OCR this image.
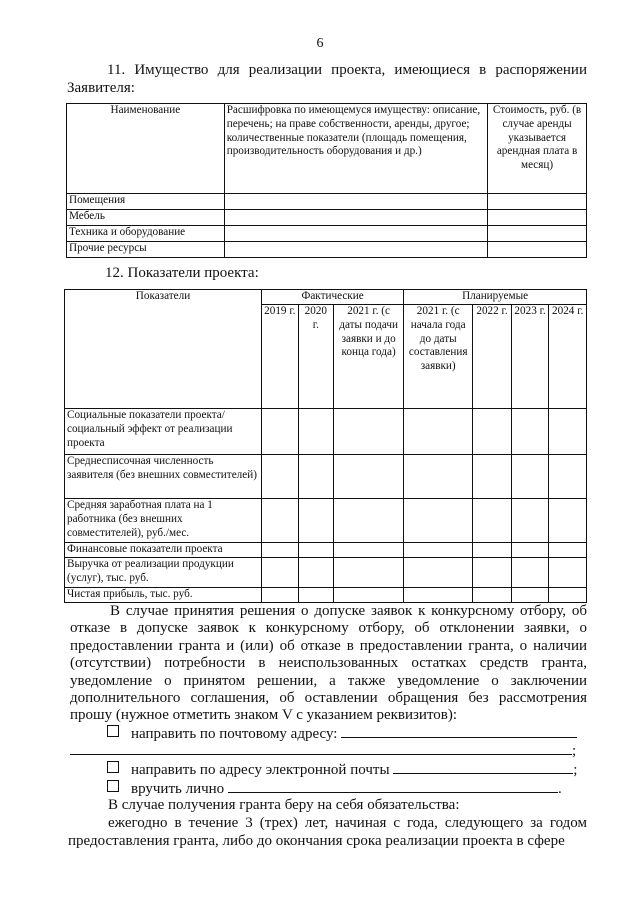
6
11. Имущество для реализации проекта, имеющиеся в распоряжении Заявителя:
Наименование	Расшифровка по имеющемуся имуществу: описание, перечень; на праве собственности, аренды, другое; количественные показатели (площадь помещения, производительность оборудования и др.)	Стоимость, руб. (в случае аренды указывается арендная плата в месяц)
Помещения		
Мебель		
Техника и оборудование		
Прочие ресурсы		
12. Показатели проекта:
Показатели	Фактические			Планируемые			
	2019 г.	2020 г.	2021 г. (с даты подачи заявки и до конца года)	2021 г. (с начала года до даты составления заявки)	2022 г.	2023 г.	2024 г.
Социальные показатели проекта/социальный эффект от реализации проекта							
Среднесписочная численность заявителя (без внешних совместителей)							
Средняя заработная плата на 1 работника (без внешних совместителей), руб./мес.							
Финансовые показатели проекта							
Выручка от реализации продукции (услуг), тыс. руб.							
Чистая прибыль, тыс. руб.							
В случае принятия решения о допуске заявок к конкурсному отбору, об отказе в допуске заявок к конкурсному отбору, об отклонении заявки, о предоставлении гранта и (или) об отказе в предоставлении гранта, о наличии (отсутствии) потребности в неиспользованных остатках средств гранта, уведомление о принятом решении, а также уведомление о заключении дополнительного соглашения, об оставлении обращения без рассмотрения прошу (нужное отметить знаком V с указанием реквизитов):
направить по почтовому адресу:
;
направить по адресу электронной почты	;
вручить лично	.
В случае получения гранта беру на себя обязательства:
ежегодно в течение 3 (трех) лет, начиная с года, следующего за годом предоставления гранта, либо до окончания срока реализации проекта в сфере
